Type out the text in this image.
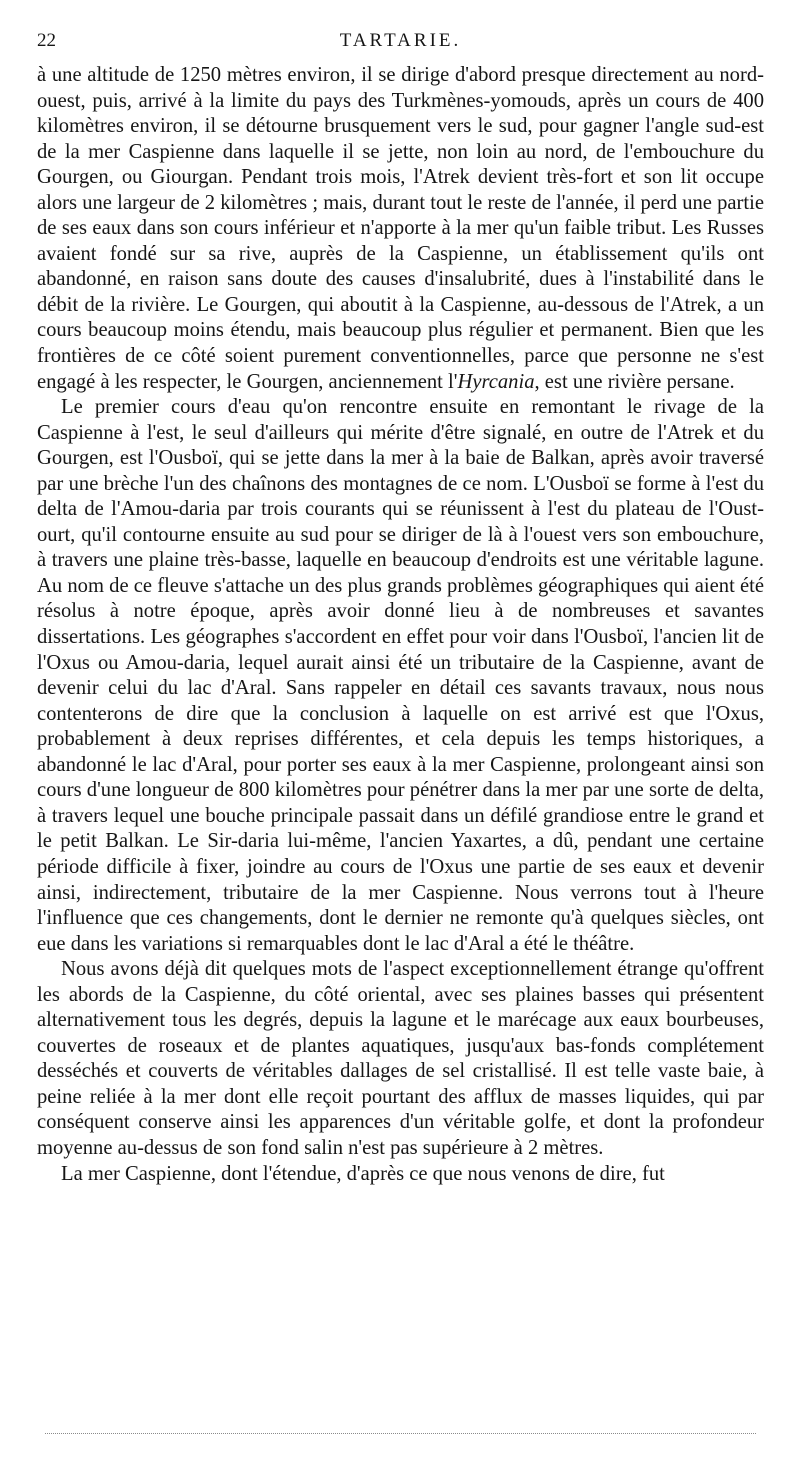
22	TARTARIE.

à une altitude de 1250 mètres environ, il se dirige d'abord presque directement au nord-ouest, puis, arrivé à la limite du pays des Turkmènes-yomouds, après un cours de 400 kilomètres environ, il se détourne brusquement vers le sud, pour gagner l'angle sud-est de la mer Caspienne dans laquelle il se jette, non loin au nord, de l'embouchure du Gourgen, ou Giourgan. Pendant trois mois, l'Atrek devient très-fort et son lit occupe alors une largeur de 2 kilomètres ; mais, durant tout le reste de l'année, il perd une partie de ses eaux dans son cours inférieur et n'apporte à la mer qu'un faible tribut. Les Russes avaient fondé sur sa rive, auprès de la Caspienne, un établissement qu'ils ont abandonné, en raison sans doute des causes d'insalubrité, dues à l'instabilité dans le débit de la rivière. Le Gourgen, qui aboutit à la Caspienne, au-dessous de l'Atrek, a un cours beaucoup moins étendu, mais beaucoup plus régulier et permanent. Bien que les frontières de ce côté soient purement conventionnelles, parce que personne ne s'est engagé à les respecter, le Gourgen, anciennement l'Hyrcania, est une rivière persane.

Le premier cours d'eau qu'on rencontre ensuite en remontant le rivage de la Caspienne à l'est, le seul d'ailleurs qui mérite d'être signalé, en outre de l'Atrek et du Gourgen, est l'Ousboï, qui se jette dans la mer à la baie de Balkan, après avoir traversé par une brèche l'un des chaînons des montagnes de ce nom. L'Ousboï se forme à l'est du delta de l'Amou-daria par trois courants qui se réunissent à l'est du plateau de l'Oust-ourt, qu'il contourne ensuite au sud pour se diriger de là à l'ouest vers son embouchure, à travers une plaine très-basse, laquelle en beaucoup d'endroits est une véritable lagune. Au nom de ce fleuve s'attache un des plus grands problèmes géographiques qui aient été résolus à notre époque, après avoir donné lieu à de nombreuses et savantes dissertations. Les géographes s'accordent en effet pour voir dans l'Ousboï, l'ancien lit de l'Oxus ou Amou-daria, lequel aurait ainsi été un tributaire de la Caspienne, avant de devenir celui du lac d'Aral. Sans rappeler en détail ces savants travaux, nous nous contenterons de dire que la conclusion à laquelle on est arrivé est que l'Oxus, probablement à deux reprises différentes, et cela depuis les temps historiques, a abandonné le lac d'Aral, pour porter ses eaux à la mer Caspienne, prolongeant ainsi son cours d'une longueur de 800 kilomètres pour pénétrer dans la mer par une sorte de delta, à travers lequel une bouche principale passait dans un défilé grandiose entre le grand et le petit Balkan. Le Sir-daria lui-même, l'ancien Yaxartes, a dû, pendant une certaine période difficile à fixer, joindre au cours de l'Oxus une partie de ses eaux et devenir ainsi, indirectement, tributaire de la mer Caspienne. Nous verrons tout à l'heure l'influence que ces changements, dont le dernier ne remonte qu'à quelques siècles, ont eue dans les variations si remarquables dont le lac d'Aral a été le théâtre.

Nous avons déjà dit quelques mots de l'aspect exceptionnellement étrange qu'offrent les abords de la Caspienne, du côté oriental, avec ses plaines basses qui présentent alternativement tous les degrés, depuis la lagune et le marécage aux eaux bourbeuses, couvertes de roseaux et de plantes aquatiques, jusqu'aux bas-fonds complétement desséchés et couverts de véritables dallages de sel cristallisé. Il est telle vaste baie, à peine reliée à la mer dont elle reçoit pourtant des afflux de masses liquides, qui par conséquent conserve ainsi les apparences d'un véritable golfe, et dont la profondeur moyenne au-dessus de son fond salin n'est pas supérieure à 2 mètres.

La mer Caspienne, dont l'étendue, d'après ce que nous venons de dire, fut
